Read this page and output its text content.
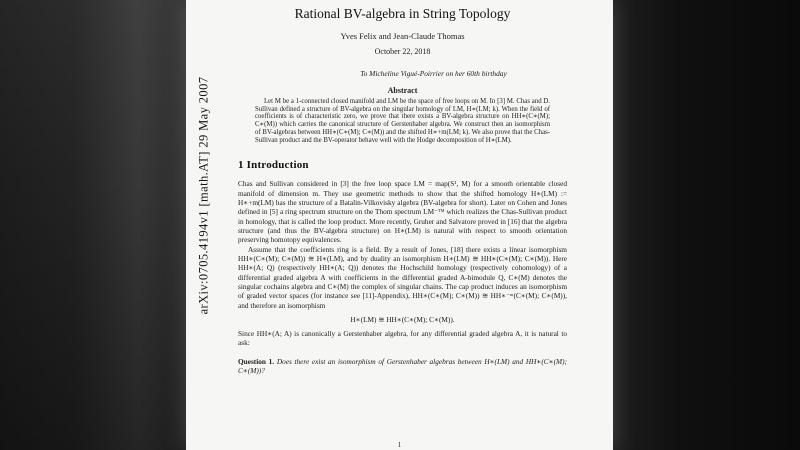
arXiv:0705.4194v1 [math.AT] 29 May 2007
Rational BV-algebra in String Topology
Yves Felix and Jean-Claude Thomas
October 22, 2018
To Micheline Vigué-Poirrier on her 60th birthday
Abstract
Let M be a 1-connected closed manifold and LM be the space of free loops on M. In [3] M. Chas and D. Sullivan defined a structure of BV-algebra on the singular homology of LM, H∗(LM; k). When the field of coefficients is of characteristic zero, we prove that there exists a BV-algebra structure on HH∗(C∗(M); C∗(M)) which carries the canonical structure of Gerstenhaber algebra. We construct then an isomorphism of BV-algebras between HH∗(C∗(M); C∗(M)) and the shifted H∗+m(LM; k). We also prove that the Chas-Sullivan product and the BV-operator behave well with the Hodge decomposition of H∗(LM).
1 Introduction

Chas and Sullivan considered in [3] the free loop space LM = map(S¹, M) for a smooth orientable closed manifold of dimension m. They use geometric methods to show that the shifted homology H∗(LM) := H∗+m(LM) has the structure of a Batalin-Vilkovisky algebra (BV-algebra for short). Later on Cohen and Jones defined in [5] a ring spectrum structure on the Thom spectrum LM⁻ᵀᴹ which realizes the Chas-Sullivan product in homology, that is called the loop product. More recently, Gruher and Salvatore proved in [16] that the algebra structure (and thus the BV-algebra structure) on H∗(LM) is natural with respect to smooth orientation preserving homotopy equivalences.

Assume that the coefficients ring is a field. By a result of Jones, [18] there exists a linear isomorphism HH∗(C∗(M); C∗(M)) ≅ H∗(LM), and by duality an isomorphism H∗(LM) ≅ HH∗(C∗(M); C∗(M)). Here HH∗(A; Q) (respectively HH∗(A; Q)) denotes the Hochschild homology (respectively cohomology) of a differential graded algebra A with coefficients in the differential graded A-bimodule Q, C∗(M) denotes the singular cochains algebra and C∗(M) the complex of singular chains. The cap product induces an isomorphism of graded vector spaces (for instance see [11]-Appendix), HH∗(C∗(M); C∗(M)) ≅ HH∗⁻ᵐ(C∗(M); C∗(M)), and therefore an isomorphism

H∗(LM) ≅ HH∗(C∗(M); C∗(M)).

Since HH∗(A; A) is canonically a Gerstenhaber algebra, for any differential graded algebra A, it is natural to ask:

Question 1. Does there exist an isomorphism of Gerstenhaber algebras between H∗(LM) and HH∗(C∗(M); C∗(M))?

1
